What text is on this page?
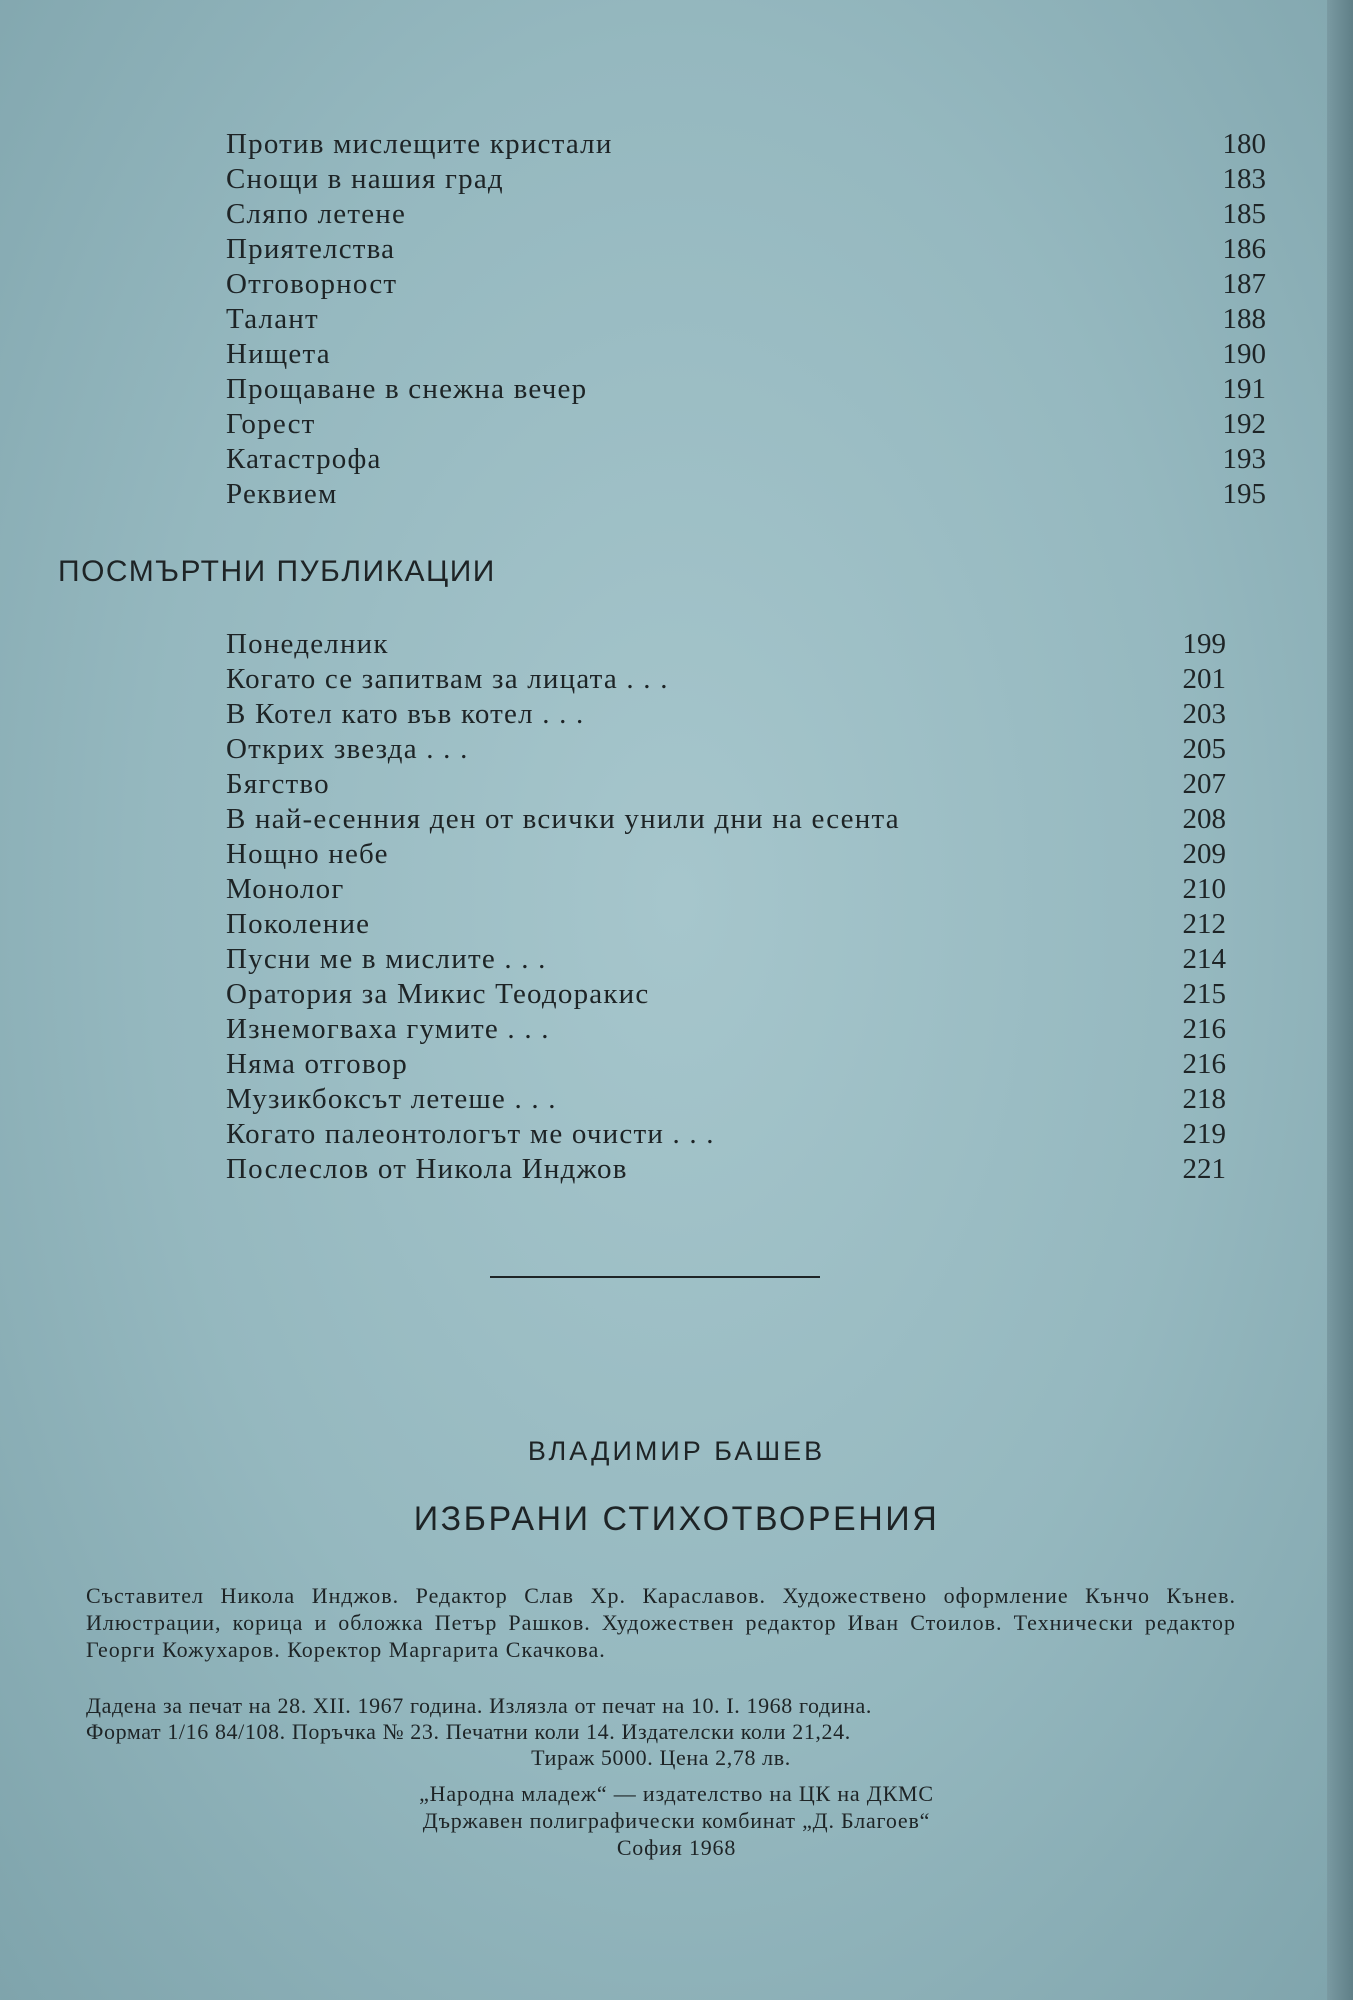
Против мислещите кристали	180
Снощи в нашия град	183
Сляпо летене	185
Приятелства	186
Отговорност	187
Талант	188
Нищета	190
Прощаване в снежна вечер	191
Горест	192
Катастрофа	193
Реквием	195
ПОСМЪРТНИ ПУБЛИКАЦИИ
Понеделник	199
Когато се запитвам за лицата . . .	201
В Котел като във котел . . .	203
Открих звезда . . .	205
Бягство	207
В най-есенния ден от всички унили дни на есента	208
Нощно небе	209
Монолог	210
Поколение	212
Пусни ме в мислите . . .	214
Оратория за Микис Теодоракис	215
Изнемогваха гумите . . .	216
Няма отговор	216
Музикбоксът летеше . . .	218
Когато палеонтологът ме очисти . . .	219
Послеслов от Никола Инджов	221
ВЛАДИМИР БАШЕВ
ИЗБРАНИ СТИХОТВОРЕНИЯ
Съставител Никола Инджов. Редактор Слав Хр. Караславов. Художествено оформление Кънчо Кънев. Илюстрации, корица и обложка Петър Рашков. Художествен редактор Иван Стоилов. Технически редактор Георги Кожухаров. Коректор Маргарита Скачкова.
Дадена за печат на 28. XII. 1967 година. Излязла от печат на 10. I. 1968 година.
Формат 1/16 84/108. Поръчка № 23. Печатни коли 14. Издателски коли 21,24.
Тираж 5000. Цена 2,78 лв.
„Народна младеж“ — издателство на ЦК на ДКМС
Държавен полиграфически комбинат „Д. Благоев“
София 1968
